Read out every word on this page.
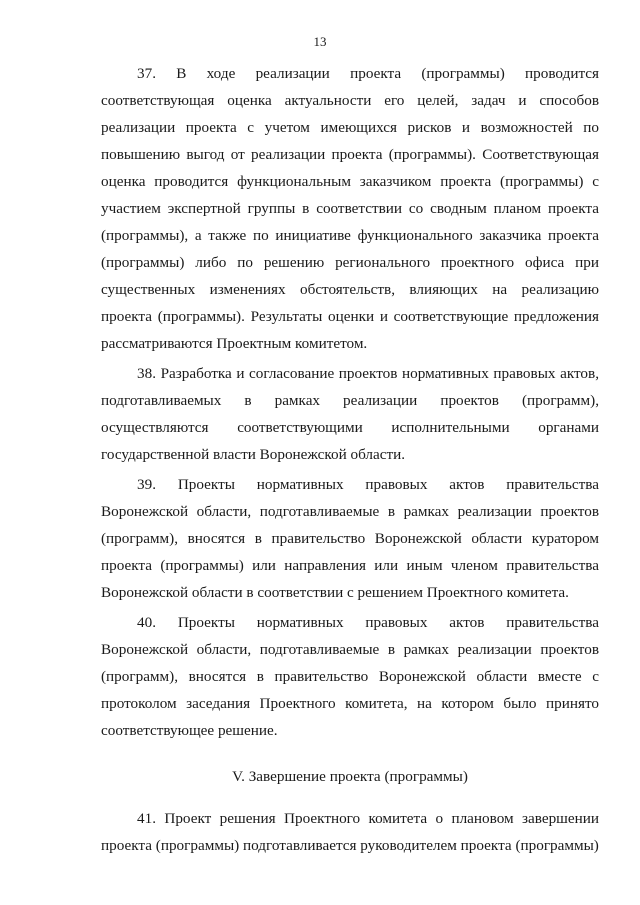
13

37. В ходе реализации проекта (программы) проводится соответствующая оценка актуальности его целей, задач и способов реализации проекта с учетом имеющихся рисков и возможностей по повышению выгод от реализации проекта (программы). Соответствующая оценка проводится функциональным заказчиком проекта (программы) с участием экспертной группы в соответствии со сводным планом проекта (программы), а также по инициативе функционального заказчика проекта (программы) либо по решению регионального проектного офиса при существенных изменениях обстоятельств, влияющих на реализацию проекта (программы). Результаты оценки и соответствующие предложения рассматриваются Проектным комитетом.

38. Разработка и согласование проектов нормативных правовых актов, подготавливаемых в рамках реализации проектов (программ), осуществляются соответствующими исполнительными органами государственной власти Воронежской области.

39. Проекты нормативных правовых актов правительства Воронежской области, подготавливаемые в рамках реализации проектов (программ), вносятся в правительство Воронежской области куратором проекта (программы) или направления или иным членом правительства Воронежской области в соответствии с решением Проектного комитета.

40. Проекты нормативных правовых актов правительства Воронежской области, подготавливаемые в рамках реализации проектов (программ), вносятся в правительство Воронежской области вместе с протоколом заседания Проектного комитета, на котором было принято соответствующее решение.

V. Завершение проекта (программы)

41. Проект решения Проектного комитета о плановом завершении проекта (программы) подготавливается руководителем проекта (программы)
